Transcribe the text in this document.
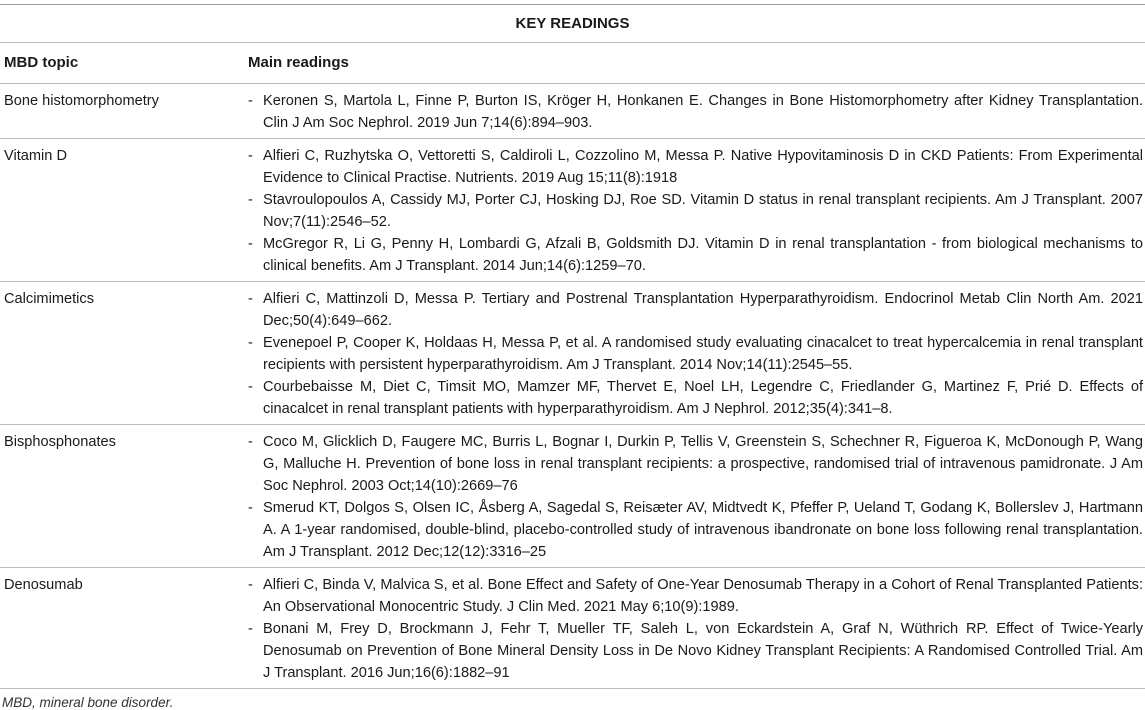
KEY READINGS
MBD topic	Main readings
Bone histomorphometry	- Keronen S, Martola L, Finne P, Burton IS, Kröger H, Honkanen E. Changes in Bone Histomorphometry after Kidney Transplantation. Clin J Am Soc Nephrol. 2019 Jun 7;14(6):894–903.
Vitamin D	- Alfieri C, Ruzhytska O, Vettoretti S, Caldiroli L, Cozzolino M, Messa P. Native Hypovitaminosis D in CKD Patients: From Experimental Evidence to Clinical Practise. Nutrients. 2019 Aug 15;11(8):1918
- Stavroulopoulos A, Cassidy MJ, Porter CJ, Hosking DJ, Roe SD. Vitamin D status in renal transplant recipients. Am J Transplant. 2007 Nov;7(11):2546–52.
- McGregor R, Li G, Penny H, Lombardi G, Afzali B, Goldsmith DJ. Vitamin D in renal transplantation - from biological mechanisms to clinical benefits. Am J Transplant. 2014 Jun;14(6):1259–70.
Calcimimetics	- Alfieri C, Mattinzoli D, Messa P. Tertiary and Postrenal Transplantation Hyperparathyroidism. Endocrinol Metab Clin North Am. 2021 Dec;50(4):649–662.
- Evenepoel P, Cooper K, Holdaas H, Messa P, et al. A randomised study evaluating cinacalcet to treat hypercalcemia in renal transplant recipients with persistent hyperparathyroidism. Am J Transplant. 2014 Nov;14(11):2545–55.
- Courbebaisse M, Diet C, Timsit MO, Mamzer MF, Thervet E, Noel LH, Legendre C, Friedlander G, Martinez F, Prié D. Effects of cinacalcet in renal transplant patients with hyperparathyroidism. Am J Nephrol. 2012;35(4):341–8.
Bisphosphonates	- Coco M, Glicklich D, Faugere MC, Burris L, Bognar I, Durkin P, Tellis V, Greenstein S, Schechner R, Figueroa K, McDonough P, Wang G, Malluche H. Prevention of bone loss in renal transplant recipients: a prospective, randomised trial of intravenous pamidronate. J Am Soc Nephrol. 2003 Oct;14(10):2669–76
- Smerud KT, Dolgos S, Olsen IC, Åsberg A, Sagedal S, Reisæter AV, Midtvedt K, Pfeffer P, Ueland T, Godang K, Bollerslev J, Hartmann A. A 1-year randomised, double-blind, placebo-controlled study of intravenous ibandronate on bone loss following renal transplantation. Am J Transplant. 2012 Dec;12(12):3316–25
Denosumab	- Alfieri C, Binda V, Malvica S, et al. Bone Effect and Safety of One-Year Denosumab Therapy in a Cohort of Renal Transplanted Patients: An Observational Monocentric Study. J Clin Med. 2021 May 6;10(9):1989.
- Bonani M, Frey D, Brockmann J, Fehr T, Mueller TF, Saleh L, von Eckardstein A, Graf N, Wüthrich RP. Effect of Twice-Yearly Denosumab on Prevention of Bone Mineral Density Loss in De Novo Kidney Transplant Recipients: A Randomised Controlled Trial. Am J Transplant. 2016 Jun;16(6):1882–91
MBD, mineral bone disorder.
